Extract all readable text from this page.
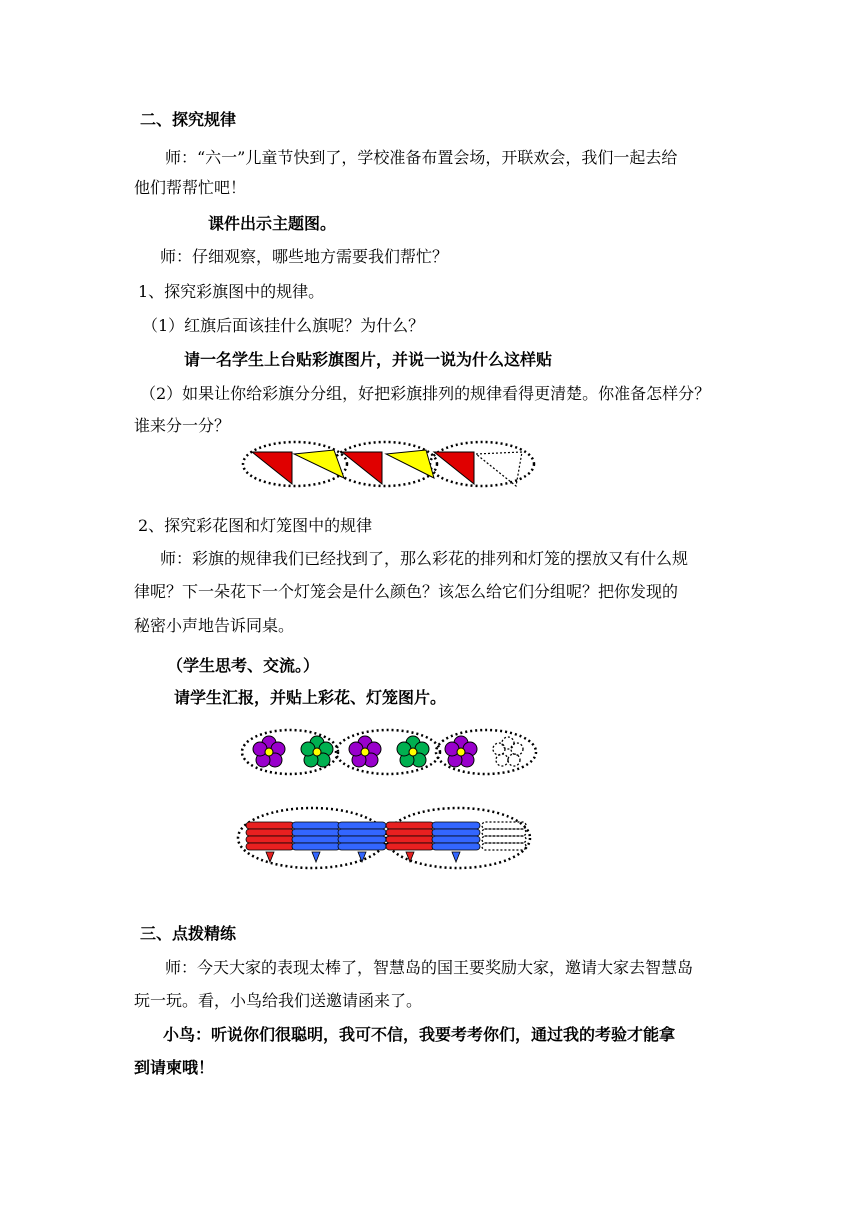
二、探究规律
师：“六一”儿童节快到了，学校准备布置会场，开联欢会，我们一起去给
他们帮帮忙吧！
课件出示主题图。
师：仔细观察，哪些地方需要我们帮忙？
1、探究彩旗图中的规律。
（1）红旗后面该挂什么旗呢？为什么？
请一名学生上台贴彩旗图片，并说一说为什么这样贴
（2）如果让你给彩旗分分组，好把彩旗排列的规律看得更清楚。你准备怎样分？
谁来分一分？
2、探究彩花图和灯笼图中的规律
师：彩旗的规律我们已经找到了，那么彩花的排列和灯笼的摆放又有什么规
律呢？下一朵花下一个灯笼会是什么颜色？该怎么给它们分组呢？把你发现的
秘密小声地告诉同桌。
（学生思考、交流。）
请学生汇报，并贴上彩花、灯笼图片。
三、点拨精练
师：今天大家的表现太棒了，智慧岛的国王要奖励大家，邀请大家去智慧岛
玩一玩。看，小鸟给我们送邀请函来了。
小鸟：听说你们很聪明，我可不信，我要考考你们，通过我的考验才能拿
到请柬哦！
